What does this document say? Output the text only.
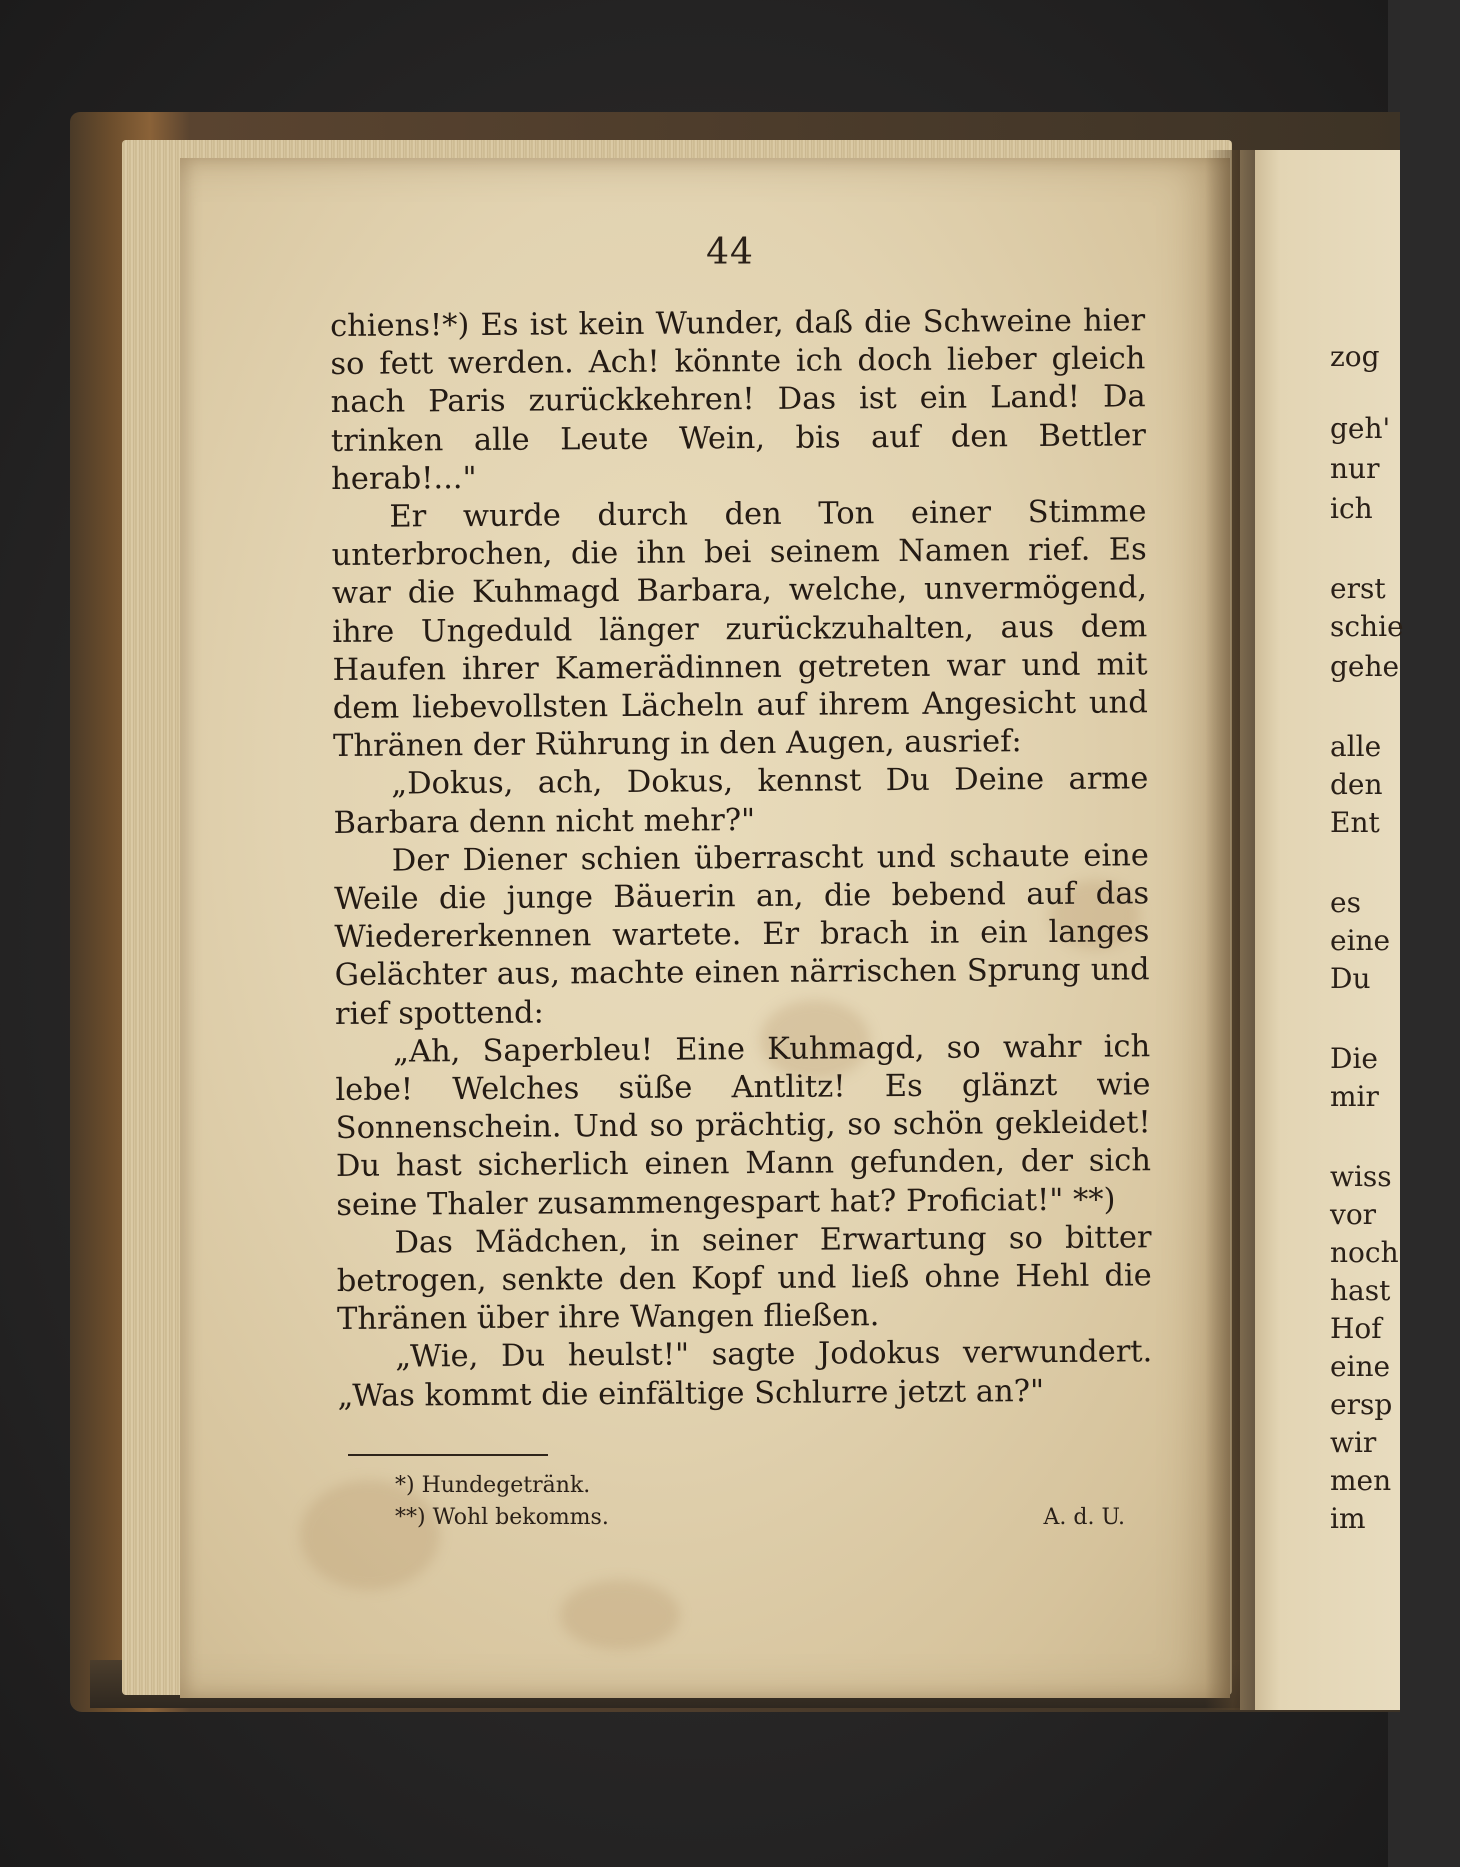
44

chiens!*) Es ist kein Wunder, daß die Schweine hier so fett werden. Ach! könnte ich doch lieber gleich nach Paris zurückkehren! Das ist ein Land! Da trinken alle Leute Wein, bis auf den Bettler herab!..."

Er wurde durch den Ton einer Stimme unterbrochen, die ihn bei seinem Namen rief. Es war die Kuhmagd Barbara, welche, unvermögend, ihre Ungeduld länger zurückzuhalten, aus dem Haufen ihrer Kamerädinnen getreten war und mit dem liebevollsten Lächeln auf ihrem Angesicht und Thränen der Rührung in den Augen, ausrief:

„Dokus, ach, Dokus, kennst Du Deine arme Barbara denn nicht mehr?"

Der Diener schien überrascht und schaute eine Weile die junge Bäuerin an, die bebend auf das Wiedererkennen wartete. Er brach in ein langes Gelächter aus, machte einen närrischen Sprung und rief spottend:

„Ah, Saperbleu! Eine Kuhmagd, so wahr ich lebe! Welches süße Antlitz! Es glänzt wie Sonnenschein. Und so prächtig, so schön gekleidet! Du hast sicherlich einen Mann gefunden, der sich seine Thaler zusammengespart hat? Proficiat!" **)

Das Mädchen, in seiner Erwartung so bitter betrogen, senkte den Kopf und ließ ohne Hehl die Thränen über ihre Wangen fließen.

„Wie, Du heulst!" sagte Jodokus verwundert. „Was kommt die einfältige Schlurre jetzt an?"

*) Hundegetränk.
**) Wohl bekomms.	A. d. U.
zog
geh'
nur
ich
erst
schie
gehe
alle
den
Ent
es
eine
Du
Die
mir
wiss
vor
noch
hast
Hof
eine
ersp
wir
men
im
